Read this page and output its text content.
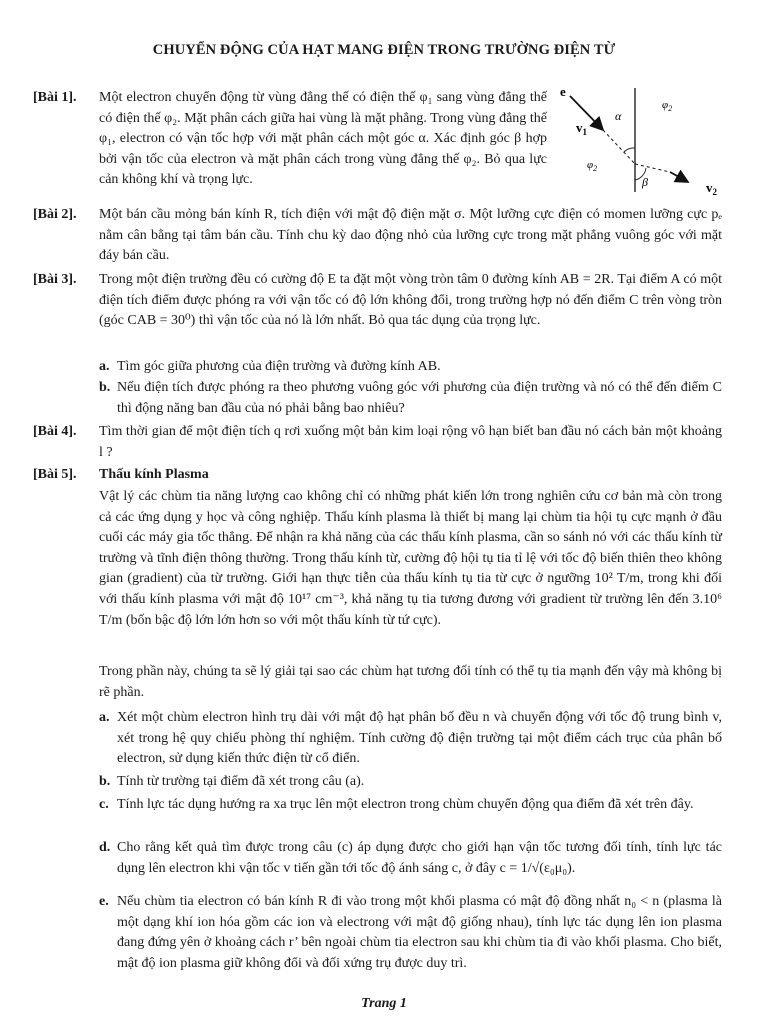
CHUYỂN ĐỘNG CỦA HẠT MANG ĐIỆN TRONG TRƯỜNG ĐIỆN TỪ
[Bài 1]. Một electron chuyển động từ vùng đẳng thế có điện thế φ₁ sang vùng đẳng thế có điện thế φ₂. Mặt phân cách giữa hai vùng là mặt phẳng. Trong vùng đẳng thế φ₁, electron có vận tốc hợp với mặt phân cách một góc α. Xác định góc β hợp bởi vận tốc của electron và mặt phân cách trong vùng đẳng thế φ₂. Bỏ qua lực cản không khí và trọng lực.
e
$v_1$
α
$\varphi_2$
$\varphi_2$
β	$v_2$
[Bài 2]. Một bán cầu mỏng bán kính R, tích điện với mật độ điện mặt σ. Một lưỡng cực điện có momen lưỡng cực pₑ nằm cân bằng tại tâm bán cầu. Tính chu kỳ dao động nhỏ của lưỡng cực trong mặt phẳng vuông góc với mặt đáy bán cầu.
[Bài 3]. Trong một điện trường đều có cường độ E ta đặt một vòng tròn tâm 0 đường kính AB = 2R. Tại điểm A có một điện tích điểm được phóng ra với vận tốc có độ lớn không đổi, trong trường hợp nó đến điểm C trên vòng tròn (góc CAB = 30⁰) thì vận tốc của nó là lớn nhất. Bỏ qua tác dụng của trọng lực.
a. Tìm góc giữa phương của điện trường và đường kính AB.
b. Nếu điện tích được phóng ra theo phương vuông góc với phương của điện trường và nó có thể đến điểm C thì động năng ban đầu của nó phải bằng bao nhiêu?
[Bài 4]. Tìm thời gian để một điện tích q rơi xuống một bản kim loại rộng vô hạn biết ban đầu nó cách bản một khoảng l ?
[Bài 5]. Thấu kính Plasma
Vật lý các chùm tia năng lượng cao không chỉ có những phát kiến lớn trong nghiên cứu cơ bản mà còn trong cả các ứng dụng y học và công nghiệp. Thấu kính plasma là thiết bị mang lại chùm tia hội tụ cực mạnh ở đầu cuối các máy gia tốc thẳng. Để nhận ra khả năng của các thấu kính plasma, cần so sánh nó với các thấu kính từ trường và tĩnh điện thông thường. Trong thấu kính từ, cường độ hội tụ tia tỉ lệ với tốc độ biến thiên theo không gian (gradient) của từ trường. Giới hạn thực tiễn của thấu kính tụ tia từ cực ở ngưỡng 10² T/m, trong khi đối với thấu kính plasma với mật độ 10¹⁷ cm⁻³, khả năng tụ tia tương đương với gradient từ trường lên đến 3.10⁶ T/m (bốn bậc độ lớn lớn hơn so với một thấu kính từ tứ cực).
Trong phần này, chúng ta sẽ lý giải tại sao các chùm hạt tương đối tính có thể tụ tia mạnh đến vậy mà không bị rẽ phần.
a. Xét một chùm electron hình trụ dài với mật độ hạt phân bố đều n và chuyển động với tốc độ trung bình v, xét trong hệ quy chiếu phòng thí nghiệm. Tính cường độ điện trường tại một điểm cách trục của phân bố electron, sử dụng kiến thức điện từ cổ điển.
b. Tính từ trường tại điểm đã xét trong câu (a).
c. Tính lực tác dụng hướng ra xa trục lên một electron trong chùm chuyển động qua điểm đã xét trên đây.
d. Cho rằng kết quả tìm được trong câu (c) áp dụng được cho giới hạn vận tốc tương đối tính, tính lực tác dụng lên electron khi vận tốc v tiến gần tới tốc độ ánh sáng c, ở đây c = 1/√(ε₀μ₀).
e. Nếu chùm tia electron có bán kính R đi vào trong một khối plasma có mật độ đồng nhất n₀ < n (plasma là một dạng khí ion hóa gồm các ion và electrong với mật độ giống nhau), tính lực tác dụng lên ion plasma đang đứng yên ở khoảng cách r’ bên ngoài chùm tia electron sau khi chùm tia đi vào khối plasma. Cho biết, mật độ ion plasma giữ không đổi và đối xứng trụ được duy trì.
Trang 1
